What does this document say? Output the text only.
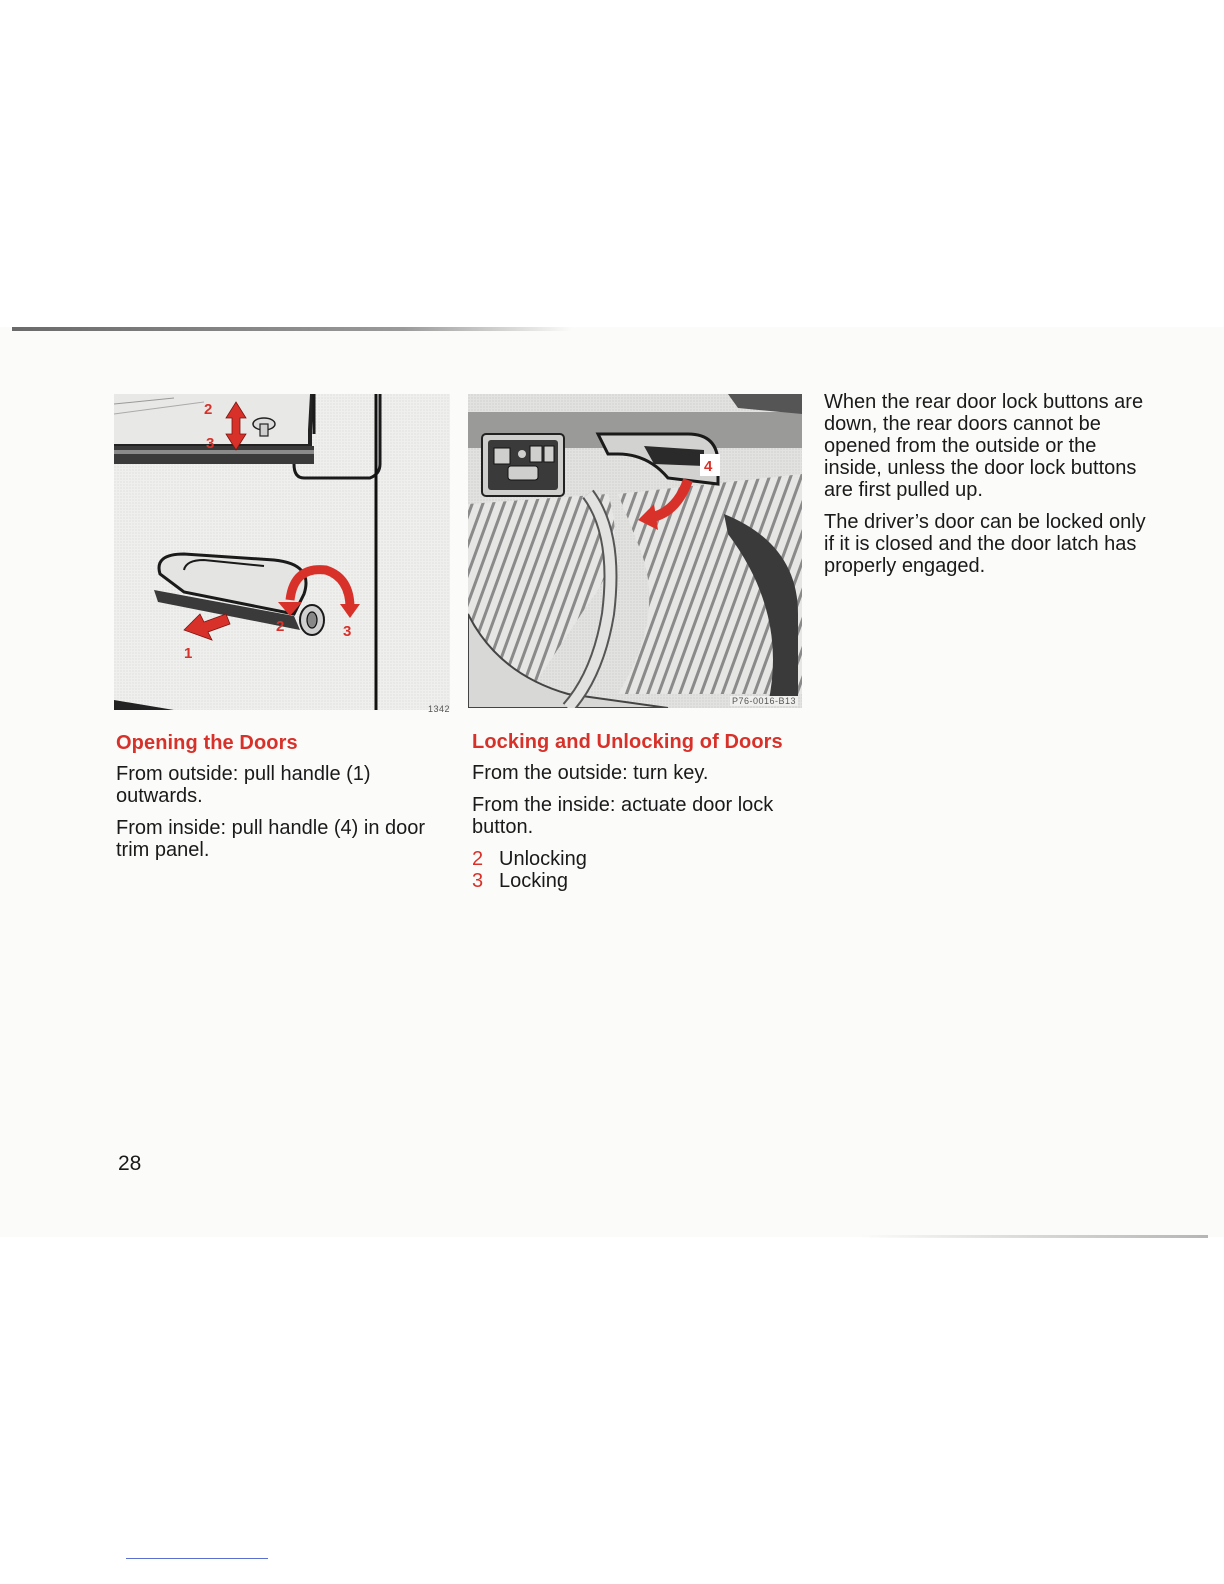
2
3
1
2	3
1342
4
P76-0016-B13
Opening the Doors

From outside: pull handle (1) outwards.

From inside: pull handle (4) in door trim panel.

Locking and Unlocking of Doors

From the outside: turn key.

From the inside: actuate door lock button.

2 Unlocking
3 Locking

When the rear door lock buttons are down, the rear doors cannot be opened from the outside or the inside, unless the door lock buttons are first pulled up.

The driver’s door can be locked only if it is closed and the door latch has properly engaged.

28
